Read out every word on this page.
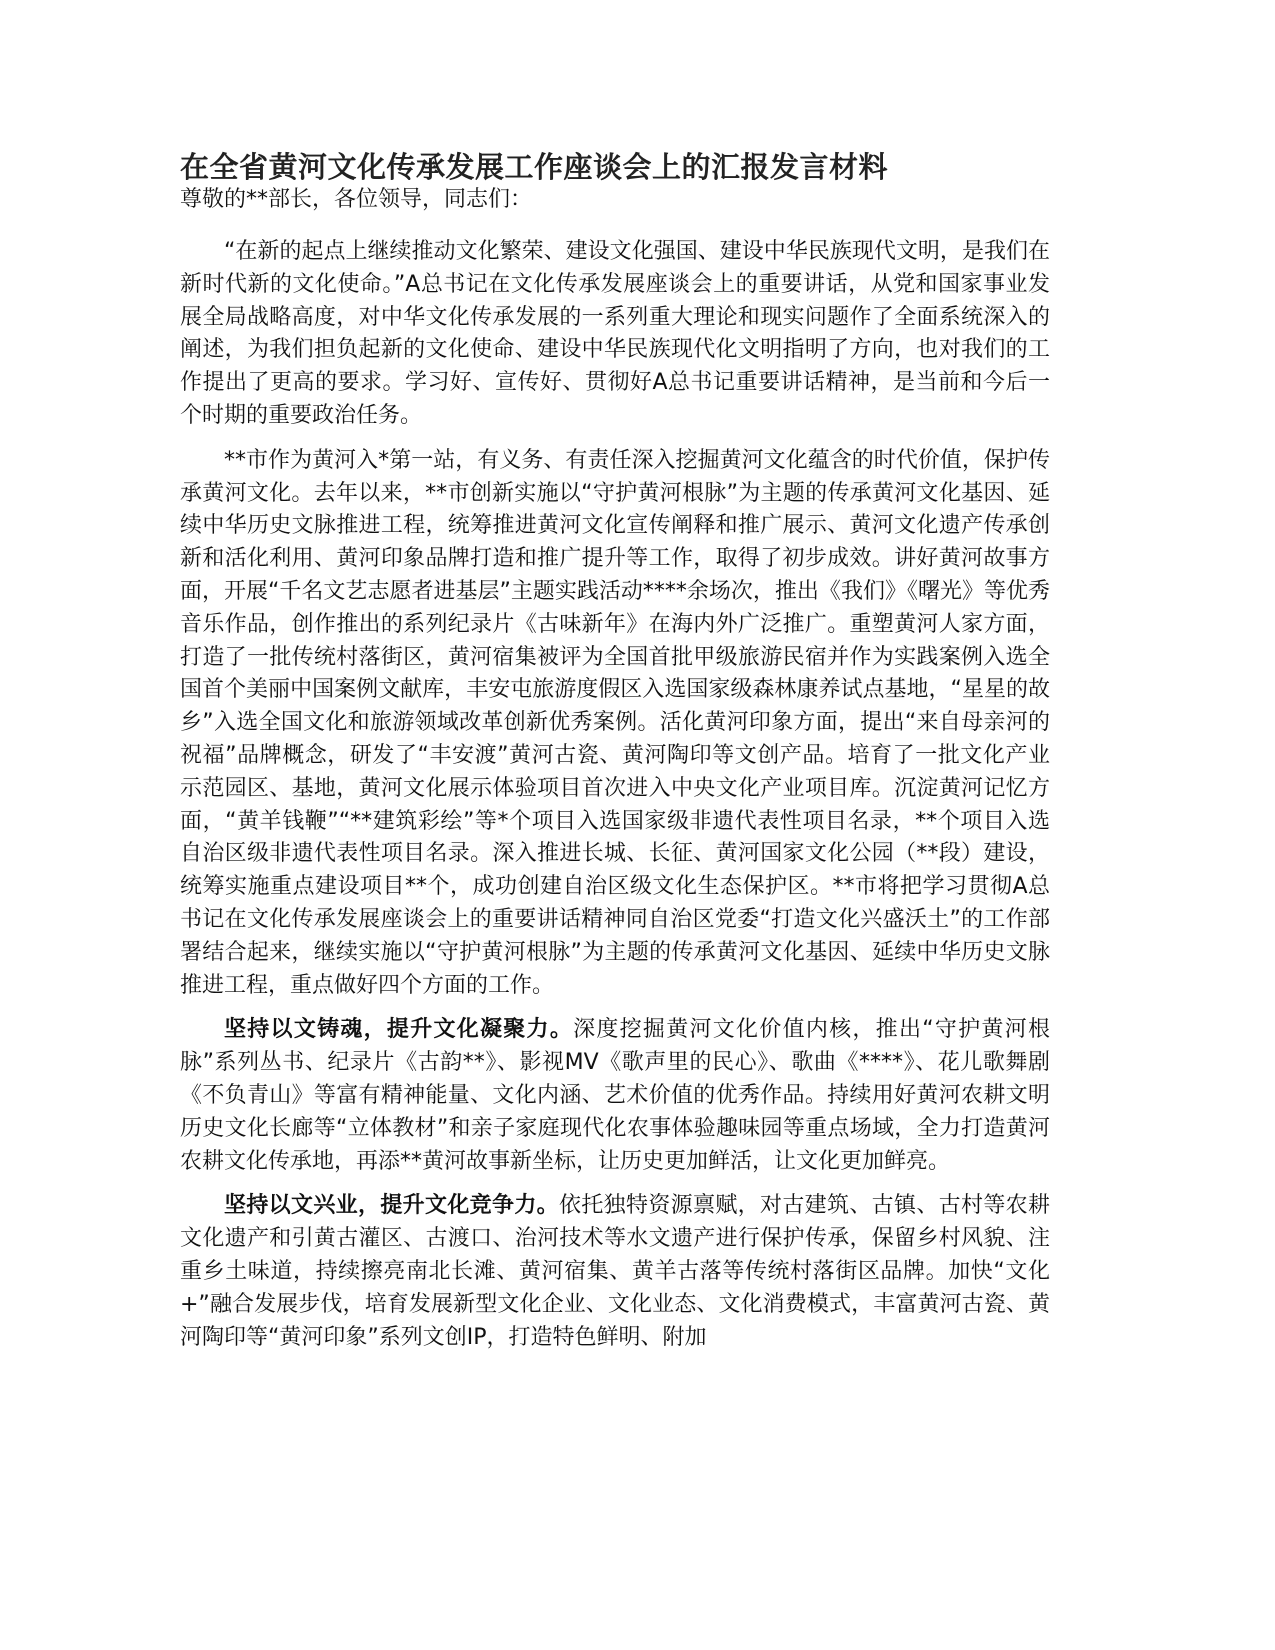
在全省黄河文化传承发展工作座谈会上的汇报发言材料

尊敬的**部长，各位领导，同志们：

“在新的起点上继续推动文化繁荣、建设文化强国、建设中华民族现代文明，是我们在新时代新的文化使命。”A总书记在文化传承发展座谈会上的重要讲话，从党和国家事业发展全局战略高度，对中华文化传承发展的一系列重大理论和现实问题作了全面系统深入的阐述，为我们担负起新的文化使命、建设中华民族现代化文明指明了方向，也对我们的工作提出了更高的要求。学习好、宣传好、贯彻好A总书记重要讲话精神，是当前和今后一个时期的重要政治任务。

**市作为黄河入*第一站，有义务、有责任深入挖掘黄河文化蕴含的时代价值，保护传承黄河文化。去年以来，**市创新实施以“守护黄河根脉”为主题的传承黄河文化基因、延续中华历史文脉推进工程，统筹推进黄河文化宣传阐释和推广展示、黄河文化遗产传承创新和活化利用、黄河印象品牌打造和推广提升等工作，取得了初步成效。讲好黄河故事方面，开展“千名文艺志愿者进基层”主题实践活动****余场次，推出《我们》《曙光》等优秀音乐作品，创作推出的系列纪录片《古味新年》在海内外广泛推广。重塑黄河人家方面，打造了一批传统村落街区，黄河宿集被评为全国首批甲级旅游民宿并作为实践案例入选全国首个美丽中国案例文献库，丰安屯旅游度假区入选国家级森林康养试点基地，“星星的故乡”入选全国文化和旅游领域改革创新优秀案例。活化黄河印象方面，提出“来自母亲河的祝福”品牌概念，研发了“丰安渡”黄河古瓷、黄河陶印等文创产品。培育了一批文化产业示范园区、基地，黄河文化展示体验项目首次进入中央文化产业项目库。沉淀黄河记忆方面，“黄羊钱鞭”“**建筑彩绘”等*个项目入选国家级非遗代表性项目名录，**个项目入选自治区级非遗代表性项目名录。深入推进长城、长征、黄河国家文化公园（**段）建设，统筹实施重点建设项目**个，成功创建自治区级文化生态保护区。**市将把学习贯彻A总书记在文化传承发展座谈会上的重要讲话精神同自治区党委“打造文化兴盛沃土”的工作部署结合起来，继续实施以“守护黄河根脉”为主题的传承黄河文化基因、延续中华历史文脉推进工程，重点做好四个方面的工作。

坚持以文铸魂，提升文化凝聚力。深度挖掘黄河文化价值内核，推出“守护黄河根脉”系列丛书、纪录片《古韵**》、影视MV《歌声里的民心》、歌曲《****》、花儿歌舞剧《不负青山》等富有精神能量、文化内涵、艺术价值的优秀作品。持续用好黄河农耕文明历史文化长廊等“立体教材”和亲子家庭现代化农事体验趣味园等重点场域，全力打造黄河农耕文化传承地，再添**黄河故事新坐标，让历史更加鲜活，让文化更加鲜亮。

坚持以文兴业，提升文化竞争力。依托独特资源禀赋，对古建筑、古镇、古村等农耕文化遗产和引黄古灌区、古渡口、治河技术等水文遗产进行保护传承，保留乡村风貌、注重乡土味道，持续擦亮南北长滩、黄河宿集、黄羊古落等传统村落街区品牌。加快“文化+”融合发展步伐，培育发展新型文化企业、文化业态、文化消费模式，丰富黄河古瓷、黄河陶印等“黄河印象”系列文创IP，打造特色鲜明、附加
